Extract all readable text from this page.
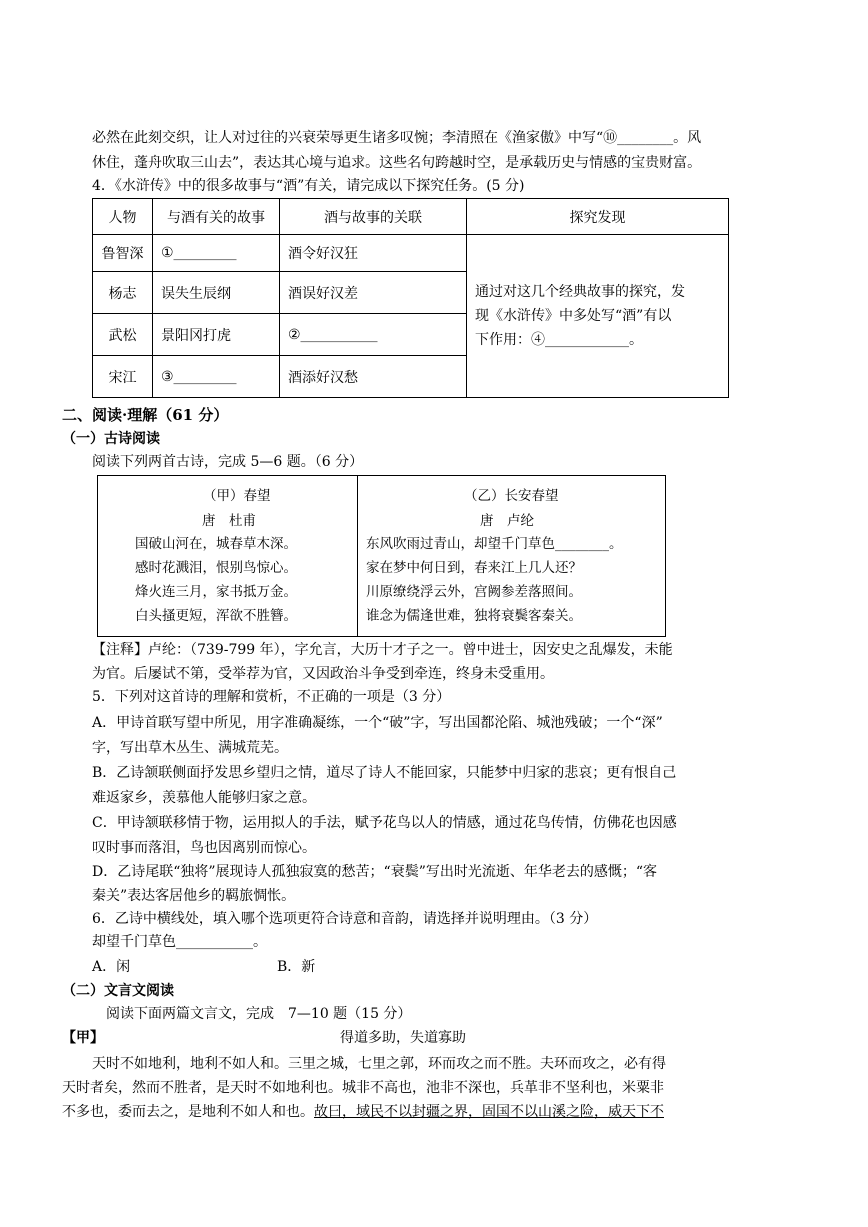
必然在此刻交织，让人对过往的兴衰荣辱更生诸多叹惋；李清照在《渔家傲》中写“⑩________。风
休住，蓬舟吹取三山去”，表达其心境与追求。这些名句跨越时空，是承载历史与情感的宝贵财富。
4．《水浒传》中的很多故事与“酒”有关，请完成以下探究任务。(5 分)
人物	与酒有关的故事	酒与故事的关联	探究发现
鲁智深	①_________	酒令好汉狂	通过对这几个经典故事的探究，发
现《水浒传》中多处写“酒”有以
下作用：④____________。

杨志	误失生辰纲	酒误好汉差	
武松	景阳冈打虎	②___________	
宋江	③_________	酒添好汉愁	
二、阅读·理解（61 分）
（一）古诗阅读
阅读下列两首古诗，完成 5—6 题。（6 分）
（甲）春望
唐　杜甫
国破山河在，城春草木深。
感时花溅泪，恨别鸟惊心。
烽火连三月，家书抵万金。
白头搔更短，浑欲不胜簪。
（乙）长安春望
唐　卢纶
东风吹雨过青山，却望千门草色________。
家在梦中何日到，春来江上几人还？
川原缭绕浮云外，宫阙参差落照间。
谁念为儒逢世难，独将衰鬓客秦关。
【注释】卢纶：（739-799 年），字允言，大历十才子之一。曾中进士，因安史之乱爆发，未能
为官。后屡试不第，受举荐为官，又因政治斗争受到牵连，终身未受重用。
5．下列对这首诗的理解和赏析，不正确的一项是（3 分）
A．甲诗首联写望中所见，用字准确凝练，一个“破”字，写出国都沦陷、城池残破；一个“深”
字，写出草木丛生、满城荒芜。
B．乙诗颔联侧面抒发思乡望归之情，道尽了诗人不能回家，只能梦中归家的悲哀；更有恨自己
难返家乡，羡慕他人能够归家之意。
C．甲诗颔联移情于物，运用拟人的手法，赋予花鸟以人的情感，通过花鸟传情，仿佛花也因感
叹时事而落泪，鸟也因离别而惊心。
D．乙诗尾联“独将”展现诗人孤独寂寞的愁苦；“衰鬓”写出时光流逝、年华老去的感慨；“客
秦关”表达客居他乡的羁旅惆怅。
6．乙诗中横线处，填入哪个选项更符合诗意和音韵，请选择并说明理由。（3 分）
却望千门草色___________。
A．闲	B．新
（二）文言文阅读
阅读下面两篇文言文，完成　7—10 题（15 分）
【甲】	得道多助，失道寡助
天时不如地利，地利不如人和。三里之城，七里之郭，环而攻之而不胜。夫环而攻之，必有得
天时者矣，然而不胜者，是天时不如地利也。城非不高也，池非不深也，兵革非不坚利也，米粟非
不多也，委而去之，是地利不如人和也。故曰，域民不以封疆之界，固国不以山溪之险，威天下不
